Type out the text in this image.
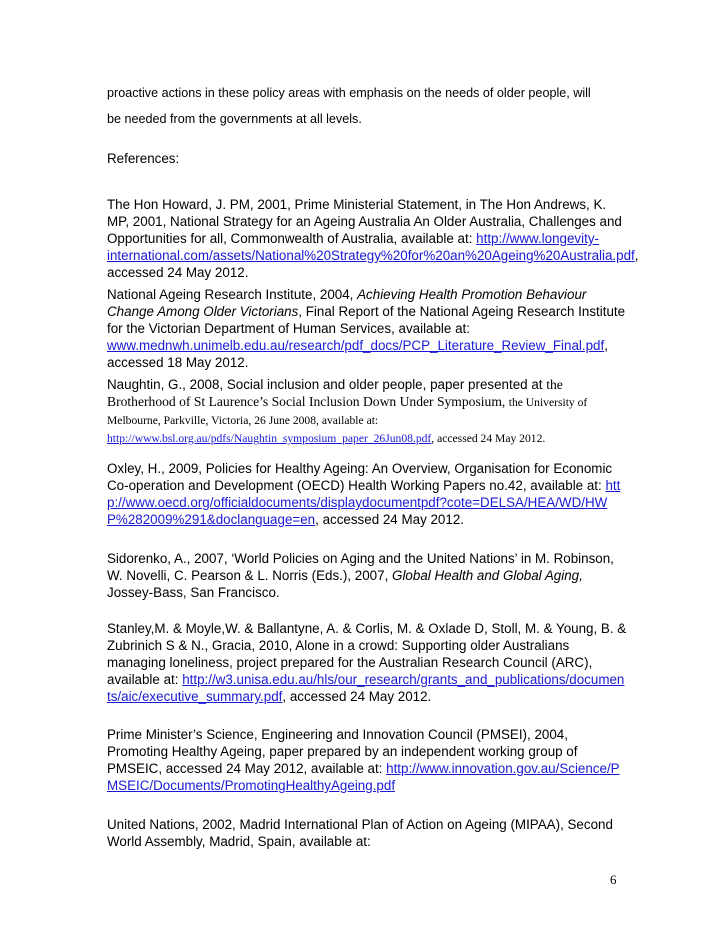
proactive actions in these policy areas with emphasis on the needs of older people, will
be needed from the governments at all levels.

References:

The Hon Howard, J. PM, 2001, Prime Ministerial Statement, in The Hon Andrews, K. MP, 2001, National Strategy for an Ageing Australia An Older Australia, Challenges and Opportunities for all, Commonwealth of Australia, available at: http://www.longevity-international.com/assets/National%20Strategy%20for%20an%20Ageing%20Australia.pdf, accessed 24 May 2012.

National Ageing Research Institute, 2004, Achieving Health Promotion Behaviour Change Among Older Victorians, Final Report of the National Ageing Research Institute for the Victorian Department of Human Services, available at: www.mednwh.unimelb.edu.au/research/pdf_docs/PCP_Literature_Review_Final.pdf, accessed 18 May 2012.

Naughtin, G., 2008, Social inclusion and older people, paper presented at the Brotherhood of St Laurence’s Social Inclusion Down Under Symposium, the University of Melbourne, Parkville, Victoria, 26 June 2008, available at: http://www.bsl.org.au/pdfs/Naughtin_symposium_paper_26Jun08.pdf, accessed 24 May 2012.

Oxley, H., 2009, Policies for Healthy Ageing: An Overview, Organisation for Economic Co-operation and Development (OECD) Health Working Papers no.42, available at: http://www.oecd.org/officialdocuments/displaydocumentpdf?cote=DELSA/HEA/WD/HWP%282009%291&doclanguage=en, accessed 24 May 2012.

Sidorenko, A., 2007, ‘World Policies on Aging and the United Nations’ in M. Robinson, W. Novelli, C. Pearson & L. Norris (Eds.), 2007, Global Health and Global Aging, Jossey-Bass, San Francisco.

Stanley,M. & Moyle,W. & Ballantyne, A. & Corlis, M. & Oxlade D, Stoll, M. & Young, B. & Zubrinich S & N., Gracia, 2010, Alone in a crowd: Supporting older Australians managing loneliness, project prepared for the Australian Research Council (ARC), available at: http://w3.unisa.edu.au/hls/our_research/grants_and_publications/documents/aic/executive_summary.pdf, accessed 24 May 2012.

Prime Minister’s Science, Engineering and Innovation Council (PMSEI), 2004, Promoting Healthy Ageing, paper prepared by an independent working group of PMSEIC, accessed 24 May 2012, available at: http://www.innovation.gov.au/Science/PMSEIC/Documents/PromotingHealthyAgeing.pdf

United Nations, 2002, Madrid International Plan of Action on Ageing (MIPAA), Second World Assembly, Madrid, Spain, available at:

6
